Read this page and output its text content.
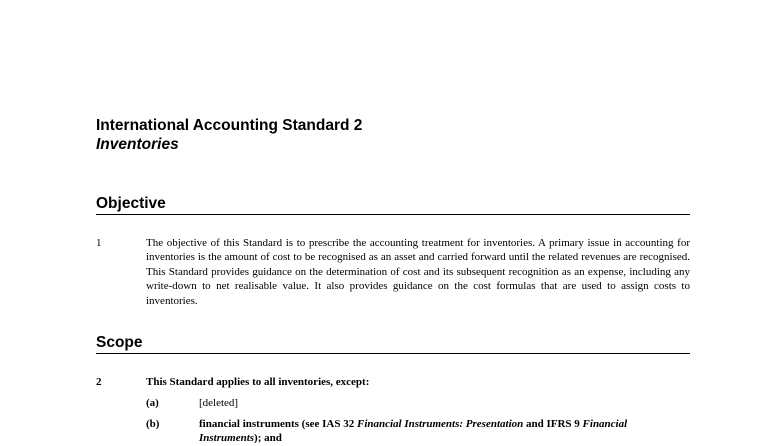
International Accounting Standard 2
Inventories
Objective
1	The objective of this Standard is to prescribe the accounting treatment for inventories. A primary issue in accounting for inventories is the amount of cost to be recognised as an asset and carried forward until the related revenues are recognised. This Standard provides guidance on the determination of cost and its subsequent recognition as an expense, including any write-down to net realisable value. It also provides guidance on the cost formulas that are used to assign costs to inventories.
Scope
2	This Standard applies to all inventories, except:
(a)	[deleted]
(b)	financial instruments (see IAS 32 Financial Instruments: Presentation and IFRS 9 Financial Instruments); and
